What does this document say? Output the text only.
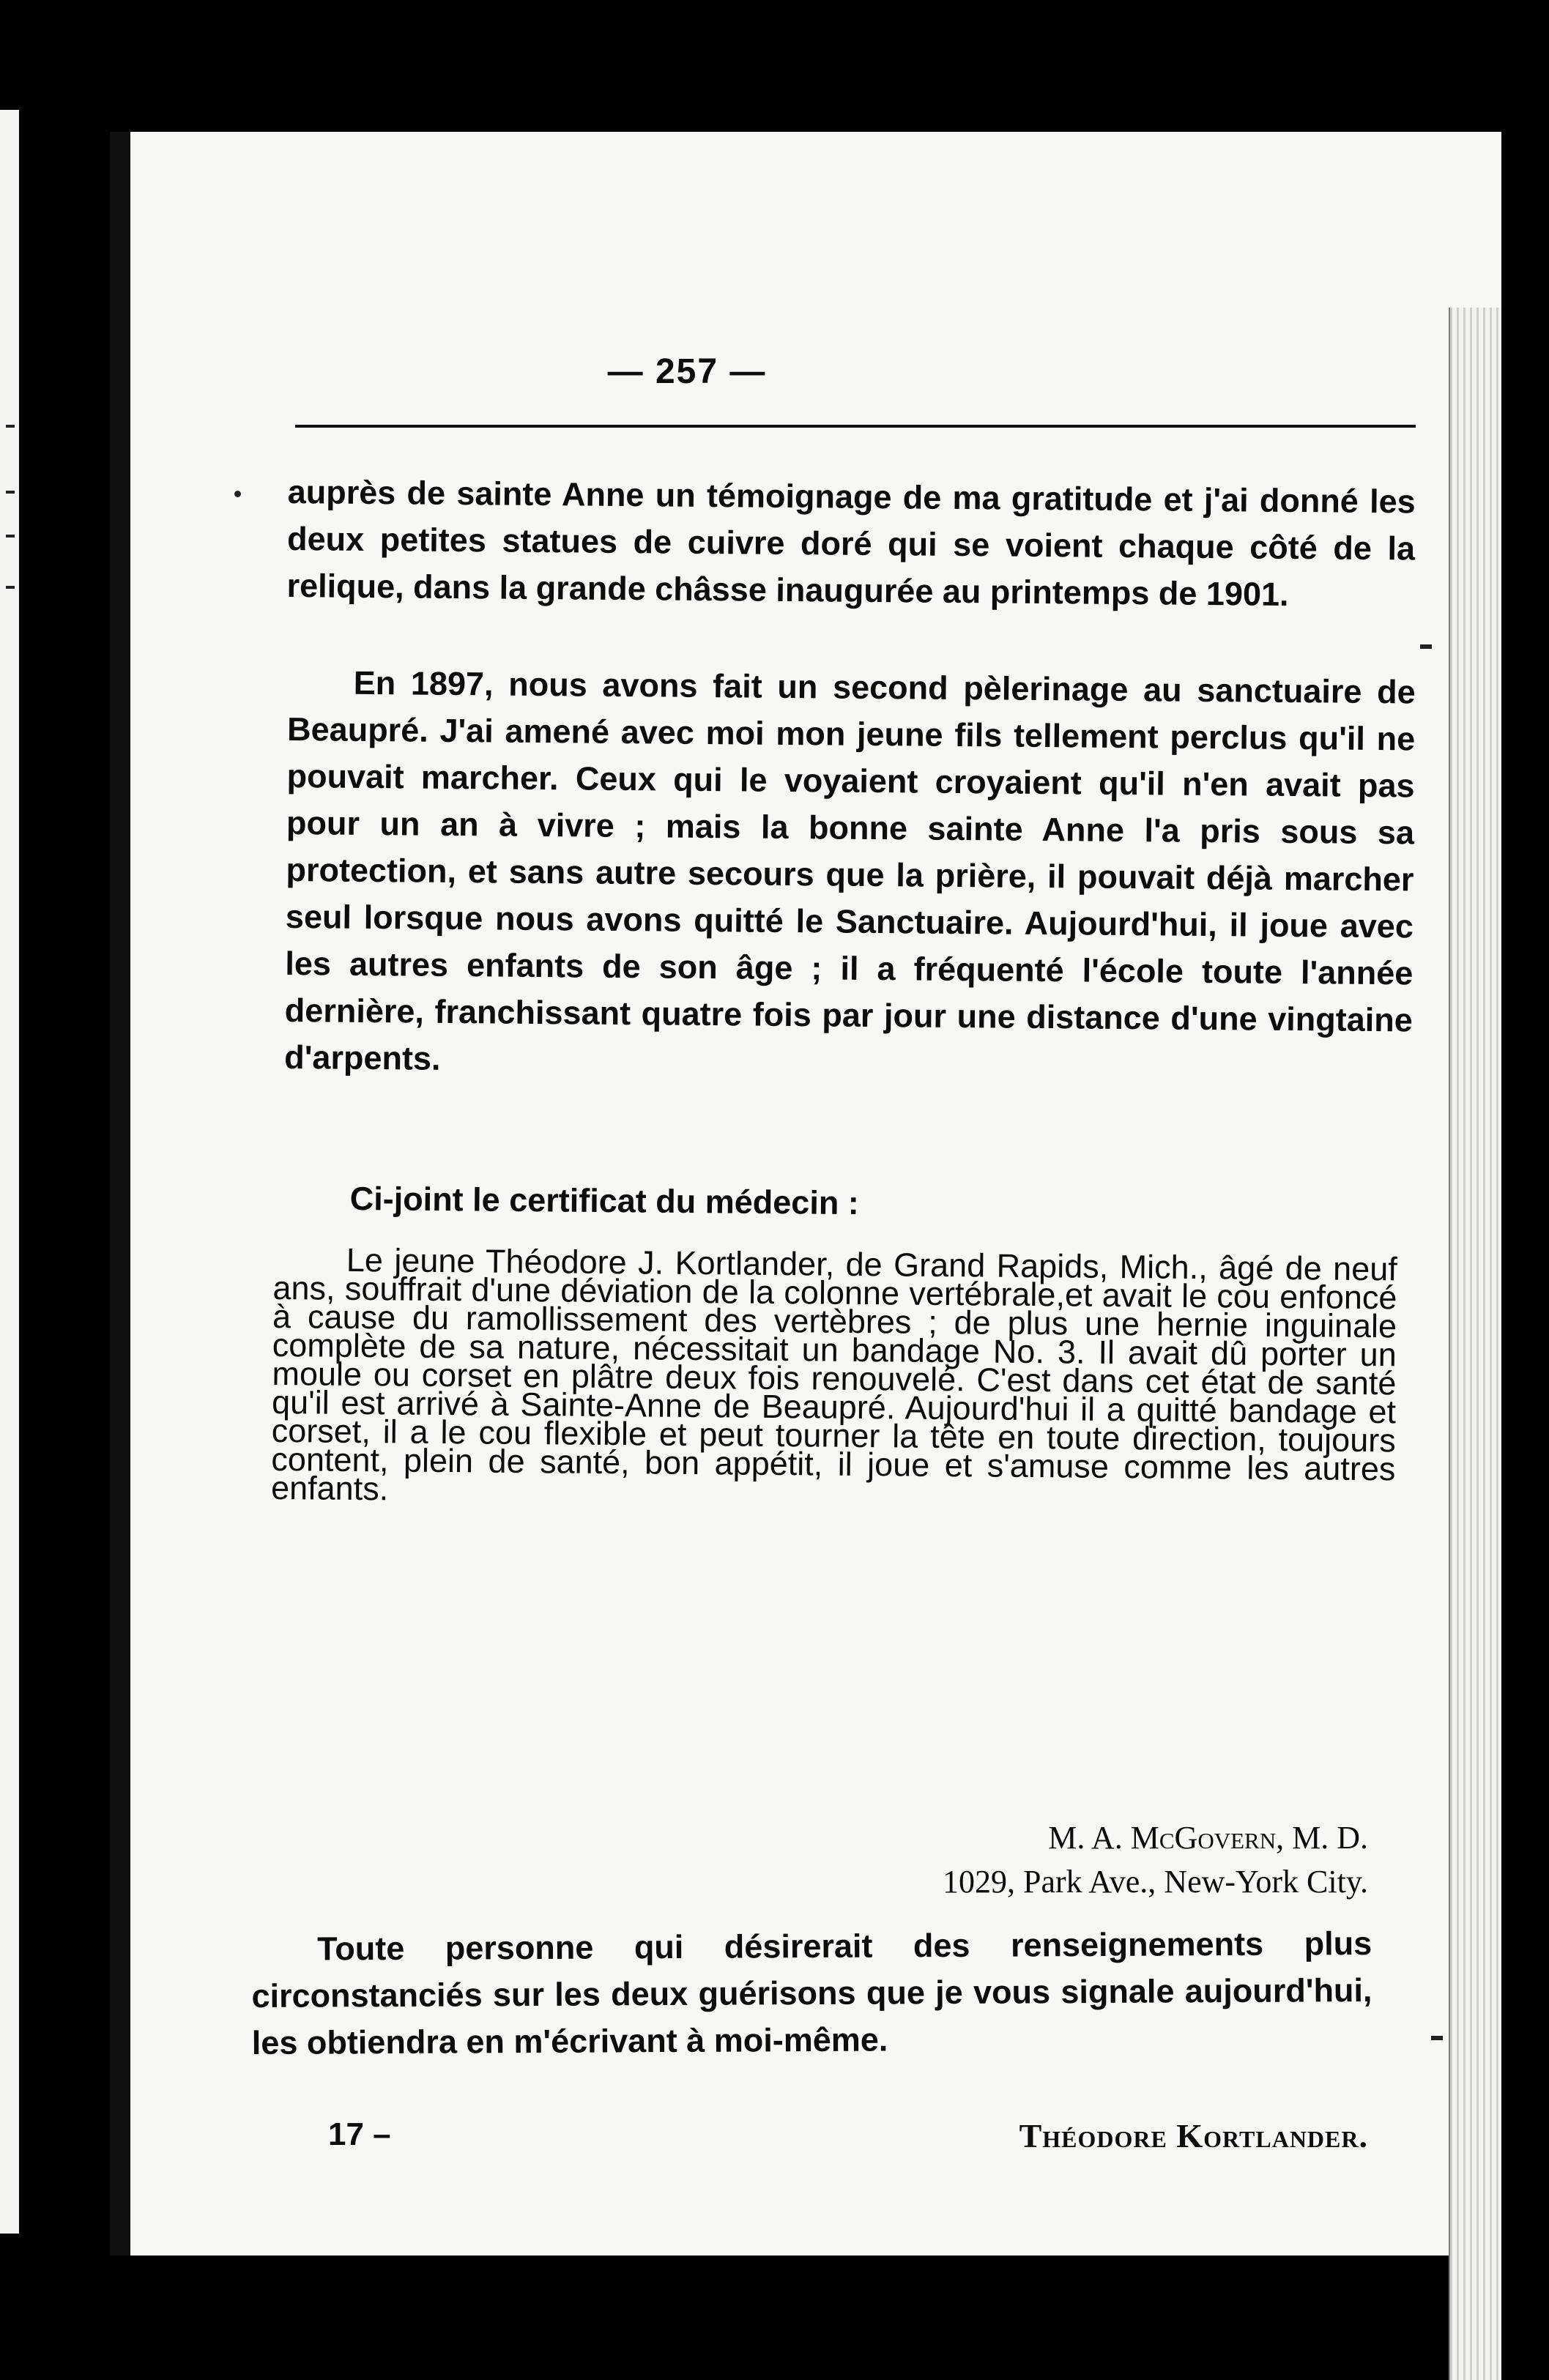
— 257 —

auprès de sainte Anne un témoignage de ma gratitude et j'ai donné les deux petites statues de cuivre doré qui se voient chaque côté de la relique, dans la grande châsse inaugurée au printemps de 1901.

En 1897, nous avons fait un second pèlerinage au sanctuaire de Beaupré. J'ai amené avec moi mon jeune fils tellement perclus qu'il ne pouvait marcher. Ceux qui le voyaient croyaient qu'il n'en avait pas pour un an à vivre ; mais la bonne sainte Anne l'a pris sous sa protection, et sans autre secours que la prière, il pouvait déjà marcher seul lorsque nous avons quitté le Sanctuaire. Aujourd'hui, il joue avec les autres enfants de son âge ; il a fréquenté l'école toute l'année dernière, franchissant quatre fois par jour une distance d'une vingtaine d'arpents.

Ci-joint le certificat du médecin :

Le jeune Théodore J. Kortlander, de Grand Rapids, Mich., âgé de neuf ans, souffrait d'une déviation de la colonne vertébrale,et avait le cou enfoncé à cause du ramollissement des vertèbres ; de plus une hernie inguinale complète de sa nature, nécessitait un bandage No. 3. Il avait dû porter un moule ou corset en plâtre deux fois renouvelé. C'est dans cet état de santé qu'il est arrivé à Sainte-Anne de Beaupré. Aujourd'hui il a quitté bandage et corset, il a le cou flexible et peut tourner la tête en toute direction, toujours content, plein de santé, bon appétit, il joue et s'amuse comme les autres enfants.

M. A. McGovern, M. D.
1029, Park Ave., New-York City.

Toute personne qui désirerait des renseignements plus circonstanciés sur les deux guérisons que je vous signale aujourd'hui, les obtiendra en m'écrivant à moi-même.

17 –	Théodore Kortlander.
